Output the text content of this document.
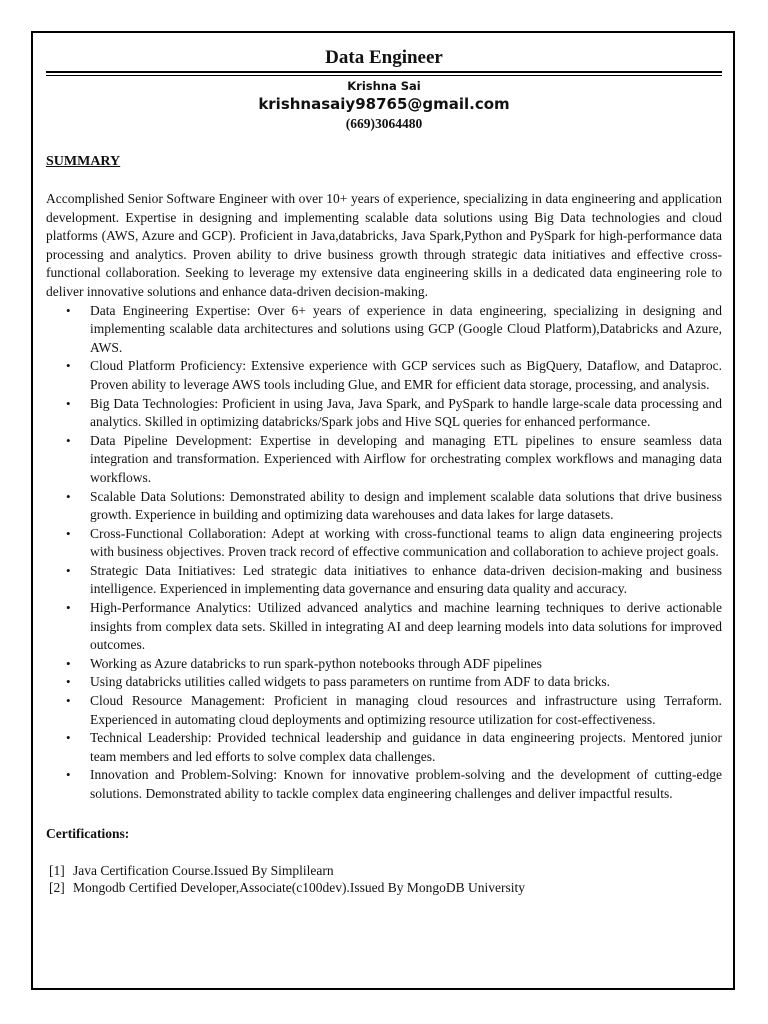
Data Engineer
Krishna Sai
krishnasaiy98765@gmail.com
(669)3064480
SUMMARY
Accomplished Senior Software Engineer with over 10+ years of experience, specializing in data engineering and application development. Expertise in designing and implementing scalable data solutions using Big Data technologies and cloud platforms (AWS, Azure and GCP). Proficient in Java,databricks, Java Spark,Python and PySpark for high-performance data processing and analytics. Proven ability to drive business growth through strategic data initiatives and effective cross-functional collaboration. Seeking to leverage my extensive data engineering skills in a dedicated data engineering role to deliver innovative solutions and enhance data-driven decision-making.
• Data Engineering Expertise: Over 6+ years of experience in data engineering, specializing in designing and implementing scalable data architectures and solutions using GCP (Google Cloud Platform),Databricks and Azure, AWS.
• Cloud Platform Proficiency: Extensive experience with GCP services such as BigQuery, Dataflow, and Dataproc. Proven ability to leverage AWS tools including Glue, and EMR for efficient data storage, processing, and analysis.
• Big Data Technologies: Proficient in using Java, Java Spark, and PySpark to handle large-scale data processing and analytics. Skilled in optimizing databricks/Spark jobs and Hive SQL queries for enhanced performance.
• Data Pipeline Development: Expertise in developing and managing ETL pipelines to ensure seamless data integration and transformation. Experienced with Airflow for orchestrating complex workflows and managing data workflows.
• Scalable Data Solutions: Demonstrated ability to design and implement scalable data solutions that drive business growth. Experience in building and optimizing data warehouses and data lakes for large datasets.
• Cross-Functional Collaboration: Adept at working with cross-functional teams to align data engineering projects with business objectives. Proven track record of effective communication and collaboration to achieve project goals.
• Strategic Data Initiatives: Led strategic data initiatives to enhance data-driven decision-making and business intelligence. Experienced in implementing data governance and ensuring data quality and accuracy.
• High-Performance Analytics: Utilized advanced analytics and machine learning techniques to derive actionable insights from complex data sets. Skilled in integrating AI and deep learning models into data solutions for improved outcomes.
• Working as Azure databricks to run spark-python notebooks through ADF pipelines
• Using databricks utilities called widgets to pass parameters on runtime from ADF to data bricks.
• Cloud Resource Management: Proficient in managing cloud resources and infrastructure using Terraform. Experienced in automating cloud deployments and optimizing resource utilization for cost-effectiveness.
• Technical Leadership: Provided technical leadership and guidance in data engineering projects. Mentored junior team members and led efforts to solve complex data challenges.
• Innovation and Problem-Solving: Known for innovative problem-solving and the development of cutting-edge solutions. Demonstrated ability to tackle complex data engineering challenges and deliver impactful results.
Certifications:
[1] Java Certification Course.Issued By Simplilearn
[2] Mongodb Certified Developer,Associate(c100dev).Issued By MongoDB University
